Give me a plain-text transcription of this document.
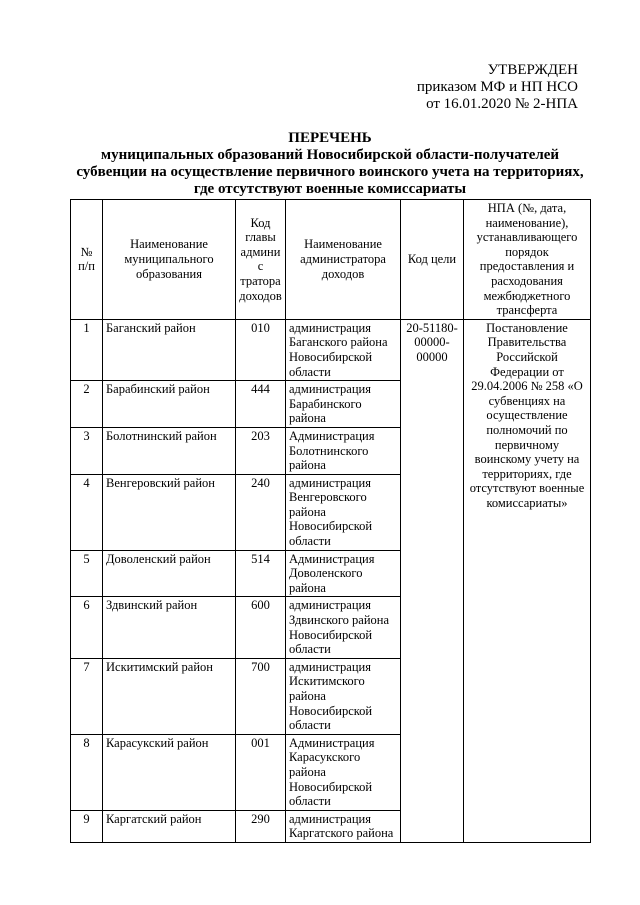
УТВЕРЖДЕН
приказом МФ и НП НСО
от 16.01.2020 № 2-НПА
ПЕРЕЧЕНЬ
муниципальных образований Новосибирской области-получателей
субвенции на осуществление первичного воинского учета на территориях,
где отсутствуют военные комиссариаты
№ п/п	Наименование муниципального образования	Код главы админис тратора доходов	Наименование администратора доходов	Код цели	НПА (№, дата, наименование), устанавливающего порядок предоставления и расходования межбюджетного трансферта
1	Баганский район	010	администрация Баганского района Новосибирской области	20-51180-00000-00000	Постановление Правительства Российской Федерации от 29.04.2006 № 258 «О субвенциях на осуществление полномочий по первичному воинскому учету на территориях, где отсутствуют военные комиссариаты»
2	Барабинский район	444	администрация Барабинского района		
3	Болотнинский район	203	Администрация Болотнинского района		
4	Венгеровский район	240	администрация Венгеровского района Новосибирской области		
5	Доволенский район	514	Администрация Доволенского района		
6	Здвинский район	600	администрация Здвинского района Новосибирской области		
7	Искитимский район	700	администрация Искитимского района Новосибирской области		
8	Карасукский район	001	Администрация Карасукского района Новосибирской области		
9	Каргатский район	290	администрация Каргатского района		
